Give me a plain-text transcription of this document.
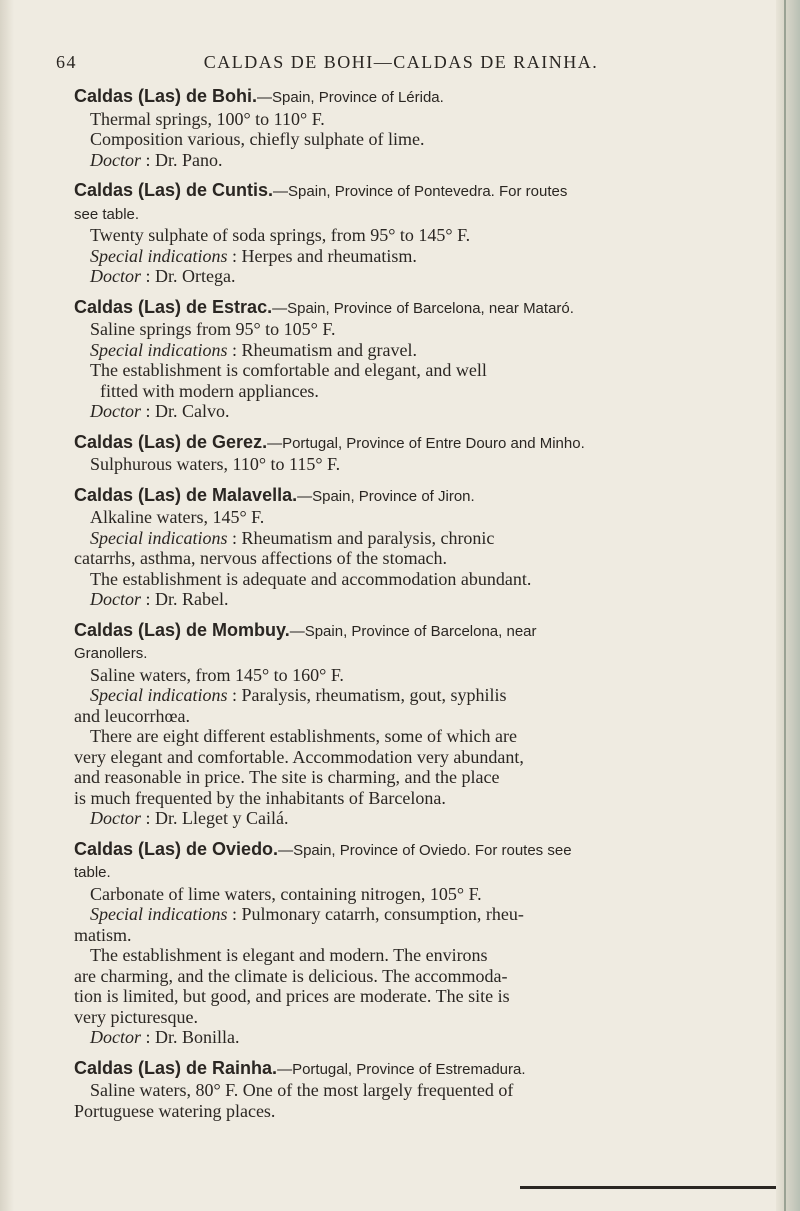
64	CALDAS DE BOHI—CALDAS DE RAINHA.
Caldas (Las) de Bohi.—Spain, Province of Lérida.
Thermal springs, 100° to 110° F.
Composition various, chiefly sulphate of lime.
Doctor : Dr. Pano.
Caldas (Las) de Cuntis.—Spain, Province of Pontevedra. For routes
see table.
Twenty sulphate of soda springs, from 95° to 145° F.
Special indications : Herpes and rheumatism.
Doctor : Dr. Ortega.
Caldas (Las) de Estrac.—Spain, Province of Barcelona, near Mataró.
Saline springs from 95° to 105° F.
Special indications : Rheumatism and gravel.
The establishment is comfortable and elegant, and well
fitted with modern appliances.
Doctor : Dr. Calvo.
Caldas (Las) de Gerez.—Portugal, Province of Entre Douro and Minho.
Sulphurous waters, 110° to 115° F.
Caldas (Las) de Malavella.—Spain, Province of Jiron.
Alkaline waters, 145° F.
Special indications : Rheumatism and paralysis, chronic
catarrhs, asthma, nervous affections of the stomach.
The establishment is adequate and accommodation abundant.
Doctor : Dr. Rabel.
Caldas (Las) de Mombuy.—Spain, Province of Barcelona, near
Granollers.
Saline waters, from 145° to 160° F.
Special indications : Paralysis, rheumatism, gout, syphilis
and leucorrhœa.
There are eight different establishments, some of which are
very elegant and comfortable. Accommodation very abundant,
and reasonable in price. The site is charming, and the place
is much frequented by the inhabitants of Barcelona.
Doctor : Dr. Lleget y Cailá.
Caldas (Las) de Oviedo.—Spain, Province of Oviedo. For routes see
table.
Carbonate of lime waters, containing nitrogen, 105° F.
Special indications : Pulmonary catarrh, consumption, rheu-
matism.
The establishment is elegant and modern. The environs
are charming, and the climate is delicious. The accommoda-
tion is limited, but good, and prices are moderate. The site is
very picturesque.
Doctor : Dr. Bonilla.
Caldas (Las) de Rainha.—Portugal, Province of Estremadura.
Saline waters, 80° F. One of the most largely frequented of
Portuguese watering places.
